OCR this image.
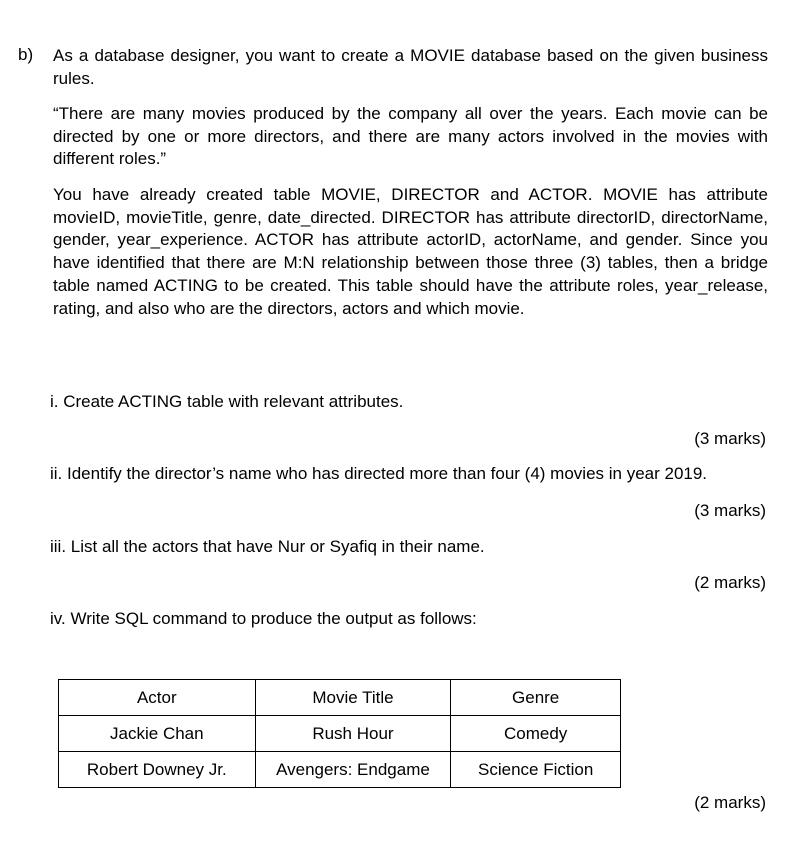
b) As a database designer, you want to create a MOVIE database based on the given business rules.
“There are many movies produced by the company all over the years. Each movie can be directed by one or more directors, and there are many actors involved in the movies with different roles.”
You have already created table MOVIE, DIRECTOR and ACTOR. MOVIE has attribute movieID, movieTitle, genre, date_directed. DIRECTOR has attribute directorID, directorName, gender, year_experience. ACTOR has attribute actorID, actorName, and gender. Since you have identified that there are M:N relationship between those three (3) tables, then a bridge table named ACTING to be created. This table should have the attribute roles, year_release, rating, and also who are the directors, actors and which movie.
i. Create ACTING table with relevant attributes.
(3 marks)
ii. Identify the director’s name who has directed more than four (4) movies in year 2019.
(3 marks)
iii. List all the actors that have Nur or Syafiq in their name.
(2 marks)
iv. Write SQL command to produce the output as follows:
Actor	Movie Title	Genre
Jackie Chan	Rush Hour	Comedy
Robert Downey Jr.	Avengers: Endgame	Science Fiction
(2 marks)
